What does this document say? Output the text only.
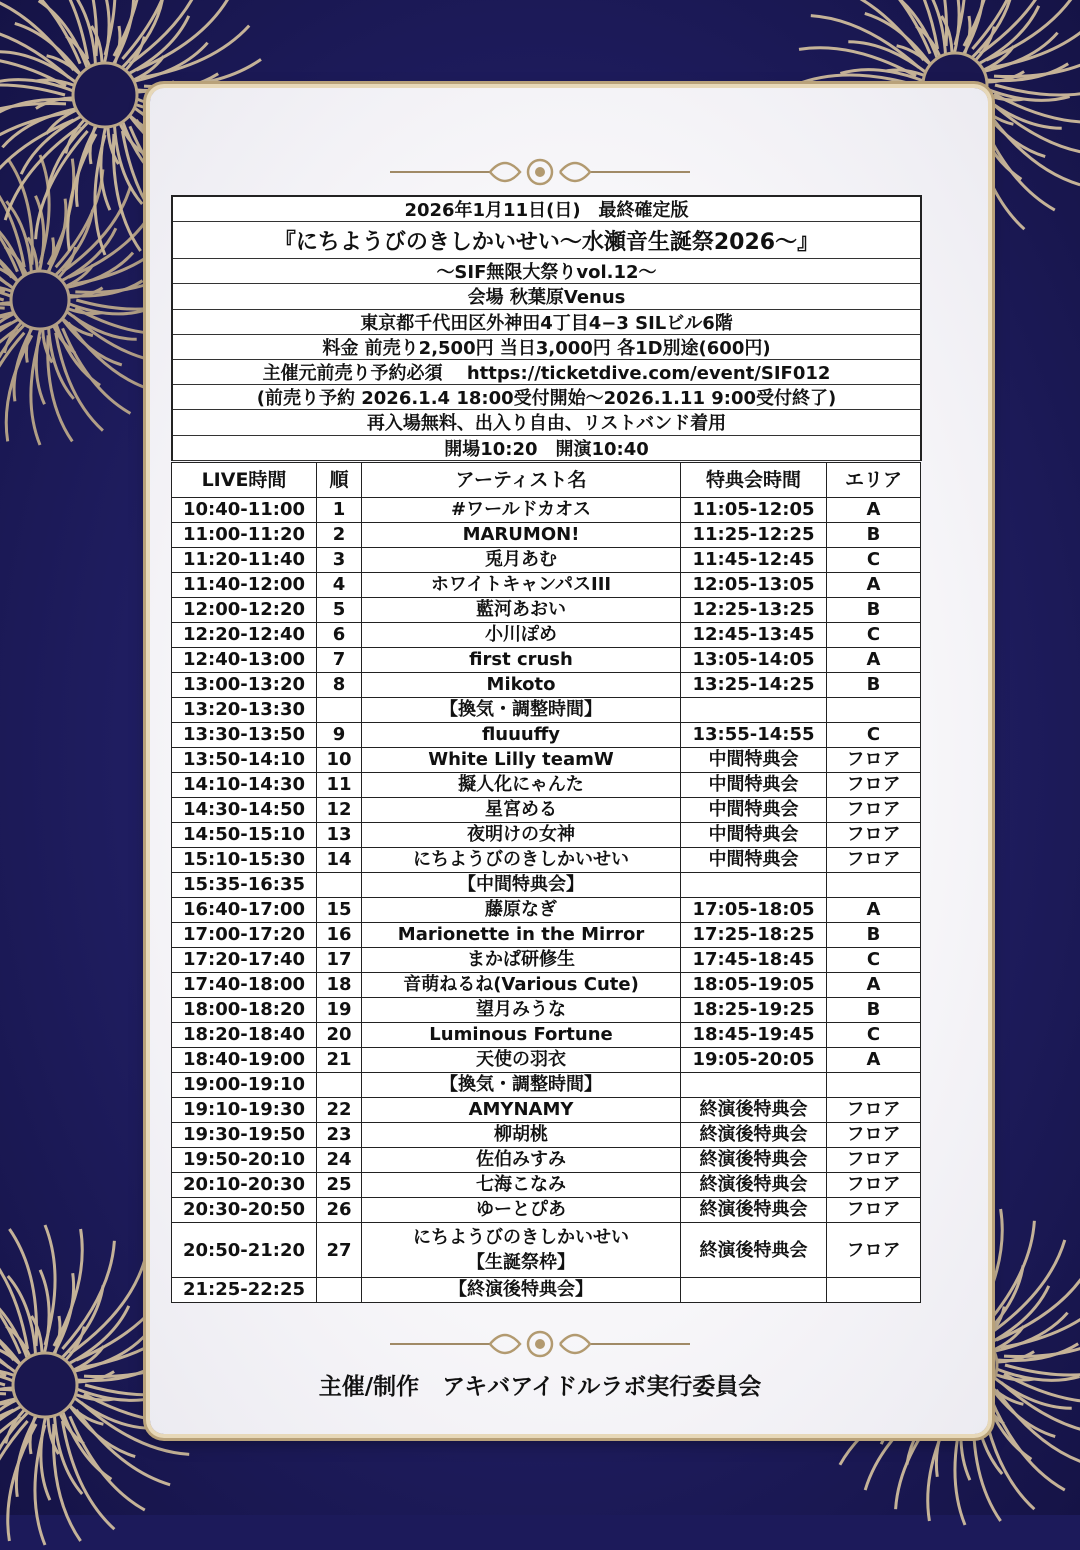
2026年1月11日(日)　最終確定版
『にちようびのきしかいせい〜水瀬音生誕祭2026〜』
〜SIF無限大祭りvol.12〜
会場 秋葉原Venus
東京都千代田区外神田4丁目4−3 SILビル6階
料金 前売り2,500円 当日3,000円 各1D別途(600円)
主催元前売り予約必須　 https://ticketdive.com/event/SIF012
(前売り予約 2026.1.4 18:00受付開始〜2026.1.11 9:00受付終了)
再入場無料、出入り自由、リストバンド着用
開場10:20　開演10:40
LIVE時間	順	アーティスト名	特典会時間	エリア
10:40-11:00	1	#ワールドカオス	11:05-12:05	A
11:00-11:20	2	MARUMON!	11:25-12:25	B
11:20-11:40	3	兎月あむ	11:45-12:45	C
11:40-12:00	4	ホワイトキャンパスIII	12:05-13:05	A
12:00-12:20	5	藍河あおい	12:25-13:25	B
12:20-12:40	6	小川ぽめ	12:45-13:45	C
12:40-13:00	7	first crush	13:05-14:05	A
13:00-13:20	8	Mikoto	13:25-14:25	B
13:20-13:30		【換気・調整時間】		
13:30-13:50	9	fluuuffy	13:55-14:55	C
13:50-14:10	10	White Lilly teamW	中間特典会	フロア
14:10-14:30	11	擬人化にゃんた	中間特典会	フロア
14:30-14:50	12	星宮める	中間特典会	フロア
14:50-15:10	13	夜明けの女神	中間特典会	フロア
15:10-15:30	14	にちようびのきしかいせい	中間特典会	フロア
15:35-16:35		【中間特典会】		
16:40-17:00	15	藤原なぎ	17:05-18:05	A
17:00-17:20	16	Marionette in the Mirror	17:25-18:25	B
17:20-17:40	17	まかぱ研修生	17:45-18:45	C
17:40-18:00	18	音萌ねるね(Various Cute)	18:05-19:05	A
18:00-18:20	19	望月みうな	18:25-19:25	B
18:20-18:40	20	Luminous Fortune	18:45-19:45	C
18:40-19:00	21	天使の羽衣	19:05-20:05	A
19:00-19:10		【換気・調整時間】		
19:10-19:30	22	AMYNAMY	終演後特典会	フロア
19:30-19:50	23	柳胡桃	終演後特典会	フロア
19:50-20:10	24	佐伯みすみ	終演後特典会	フロア
20:10-20:30	25	七海こなみ	終演後特典会	フロア
20:30-20:50	26	ゆーとぴあ	終演後特典会	フロア
20:50-21:20	27	にちようびのきしかいせい
【生誕祭枠】	終演後特典会	フロア
21:25-22:25		【終演後特典会】		
主催/制作　アキバアイドルラボ実行委員会
